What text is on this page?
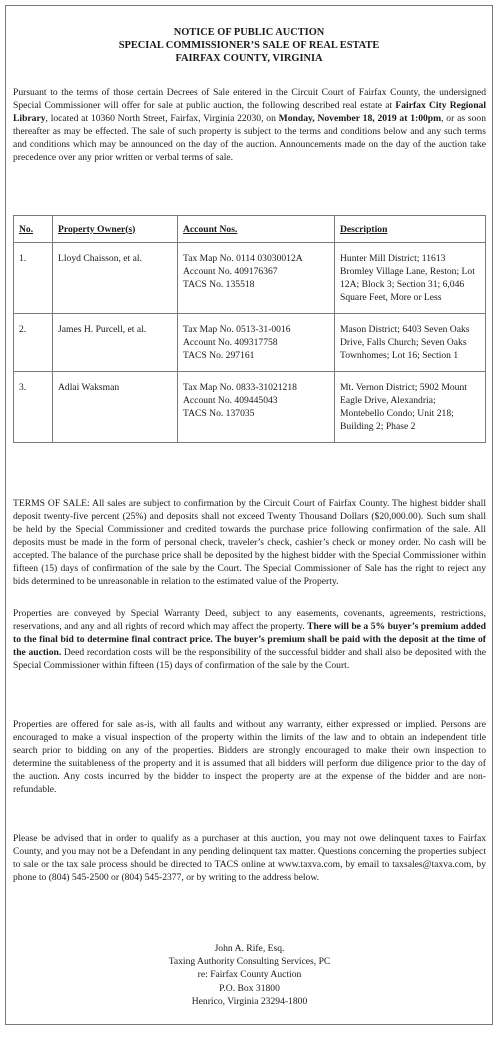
NOTICE OF PUBLIC AUCTION
SPECIAL COMMISSIONER’S SALE OF REAL ESTATE
FAIRFAX COUNTY, VIRGINIA

Pursuant to the terms of those certain Decrees of Sale entered in the Circuit Court of Fairfax County, the undersigned Special Commissioner will offer for sale at public auction, the following described real estate at Fairfax City Regional Library, located at 10360 North Street, Fairfax, Virginia 22030, on Monday, November 18, 2019 at 1:00pm, or as soon thereafter as may be effected. The sale of such property is subject to the terms and conditions below and any such terms and conditions which may be announced on the day of the auction. Announcements made on the day of the auction take precedence over any prior written or verbal terms of sale.

No.	Property Owner(s)	Account Nos.	Description
1.	Lloyd Chaisson, et al.	Tax Map No. 0114 03030012A
Account No. 409176367
TACS No. 135518	Hunter Mill District; 11613 Bromley Village Lane, Reston; Lot 12A; Block 3; Section 31; 6,046 Square Feet, More or Less
2.	James H. Purcell, et al.	Tax Map No. 0513-31-0016
Account No. 409317758
TACS No. 297161	Mason District; 6403 Seven Oaks Drive, Falls Church; Seven Oaks Townhomes; Lot 16; Section 1
3.	Adlai Waksman	Tax Map No. 0833-31021218
Account No. 409445043
TACS No. 137035	Mt. Vernon District; 5902 Mount Eagle Drive, Alexandria; Montebello Condo; Unit 218; Building 2; Phase 2

TERMS OF SALE: All sales are subject to confirmation by the Circuit Court of Fairfax County. The highest bidder shall deposit twenty-five percent (25%) and deposits shall not exceed Twenty Thousand Dollars ($20,000.00). Such sum shall be held by the Special Commissioner and credited towards the purchase price following confirmation of the sale. All deposits must be made in the form of personal check, traveler’s check, cashier’s check or money order. No cash will be accepted. The balance of the purchase price shall be deposited by the highest bidder with the Special Commissioner within fifteen (15) days of confirmation of the sale by the Court. The Special Commissioner of Sale has the right to reject any bids determined to be unreasonable in relation to the estimated value of the Property.

Properties are conveyed by Special Warranty Deed, subject to any easements, covenants, agreements, restrictions, reservations, and any and all rights of record which may affect the property. There will be a 5% buyer’s premium added to the final bid to determine final contract price. The buyer’s premium shall be paid with the deposit at the time of the auction. Deed recordation costs will be the responsibility of the successful bidder and shall also be deposited with the Special Commissioner within fifteen (15) days of confirmation of the sale by the Court.

Properties are offered for sale as-is, with all faults and without any warranty, either expressed or implied. Persons are encouraged to make a visual inspection of the property within the limits of the law and to obtain an independent title search prior to bidding on any of the properties. Bidders are strongly encouraged to make their own inspection to determine the suitableness of the property and it is assumed that all bidders will perform due diligence prior to the day of the auction. Any costs incurred by the bidder to inspect the property are at the expense of the bidder and are non-refundable.

Please be advised that in order to qualify as a purchaser at this auction, you may not owe delinquent taxes to Fairfax County, and you may not be a Defendant in any pending delinquent tax matter. Questions concerning the properties subject to sale or the tax sale process should be directed to TACS online at www.taxva.com, by email to taxsales@taxva.com, by phone to (804) 545-2500 or (804) 545-2377, or by writing to the address below.

John A. Rife, Esq.
Taxing Authority Consulting Services, PC
re: Fairfax County Auction
P.O. Box 31800
Henrico, Virginia 23294-1800
